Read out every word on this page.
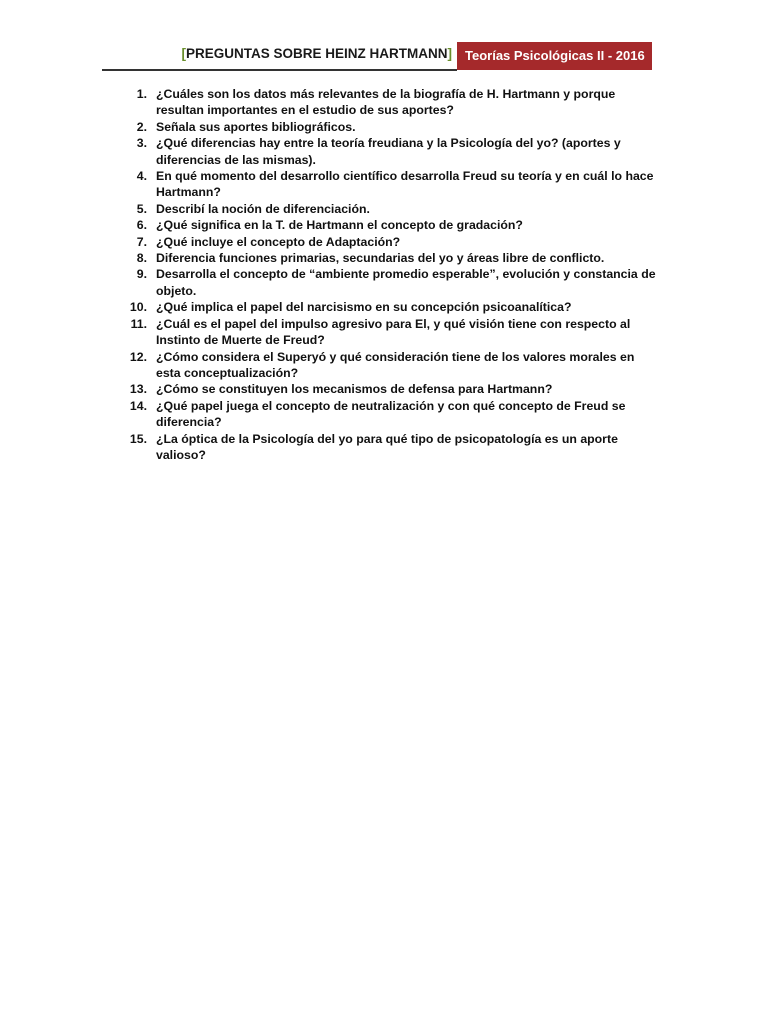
[PREGUNTAS SOBRE HEINZ HARTMANN]	Teorías Psicológicas II - 2016
1. ¿Cuáles son los datos más relevantes de la biografía de H. Hartmann y porque resultan importantes en el estudio de sus aportes?
2. Señala sus aportes bibliográficos.
3. ¿Qué diferencias hay entre la teoría freudiana y la Psicología del yo? (aportes y diferencias de las mismas).
4. En qué momento del desarrollo científico desarrolla Freud su teoría y en cuál lo hace Hartmann?
5. Describí la noción de diferenciación.
6. ¿Qué significa en la T. de Hartmann el concepto de gradación?
7. ¿Qué incluye el concepto de Adaptación?
8. Diferencia funciones primarias, secundarias del yo y áreas libre de conflicto.
9. Desarrolla el concepto de “ambiente promedio esperable”, evolución y constancia de objeto.
10. ¿Qué implica el papel del narcisismo en su concepción psicoanalítica?
11. ¿Cuál es el papel del impulso agresivo para El, y qué visión tiene con respecto al Instinto de Muerte de Freud?
12. ¿Cómo considera el Superyó y qué consideración tiene de los valores morales en esta conceptualización?
13. ¿Cómo se constituyen los mecanismos de defensa para Hartmann?
14. ¿Qué papel juega el concepto de neutralización y con qué concepto de Freud se diferencia?
15. ¿La óptica de la Psicología del yo para qué tipo de psicopatología es un aporte valioso?
